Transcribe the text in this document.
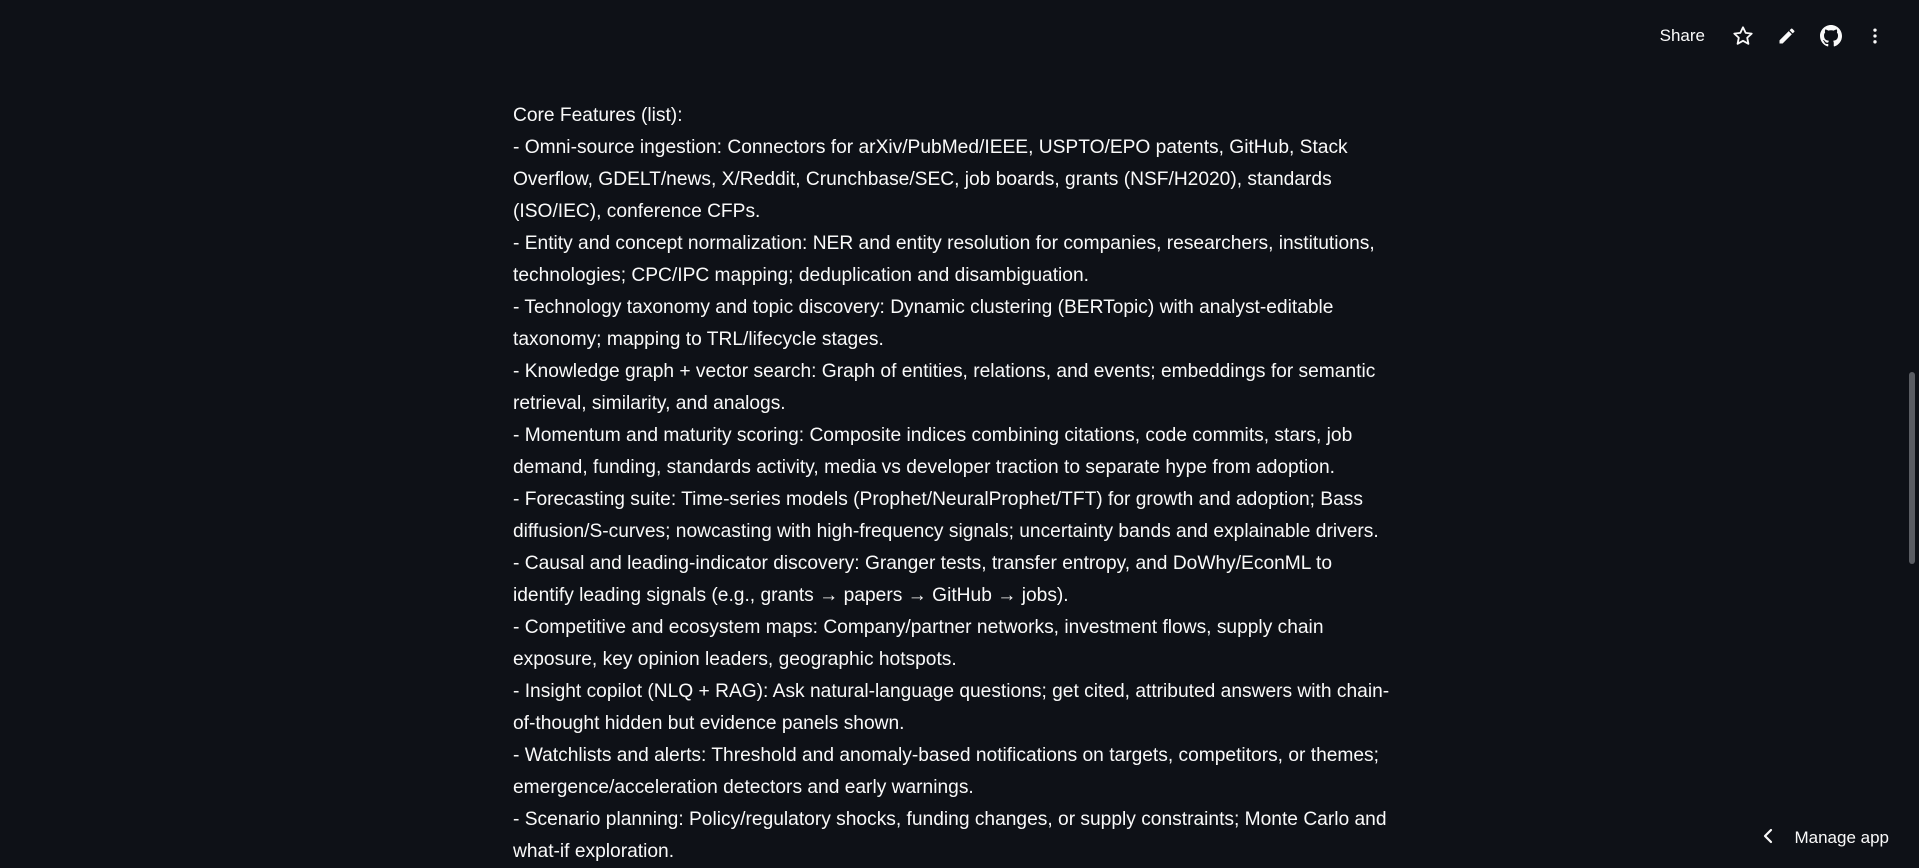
Share
Core Features (list):
- Omni-source ingestion: Connectors for arXiv/PubMed/IEEE, USPTO/EPO patents, GitHub, Stack Overflow, GDELT/news, X/Reddit, Crunchbase/SEC, job boards, grants (NSF/H2020), standards (ISO/IEC), conference CFPs.
- Entity and concept normalization: NER and entity resolution for companies, researchers, institutions, technologies; CPC/IPC mapping; deduplication and disambiguation.
- Technology taxonomy and topic discovery: Dynamic clustering (BERTopic) with analyst-editable taxonomy; mapping to TRL/lifecycle stages.
- Knowledge graph + vector search: Graph of entities, relations, and events; embeddings for semantic retrieval, similarity, and analogs.
- Momentum and maturity scoring: Composite indices combining citations, code commits, stars, job demand, funding, standards activity, media vs developer traction to separate hype from adoption.
- Forecasting suite: Time-series models (Prophet/NeuralProphet/TFT) for growth and adoption; Bass diffusion/S-curves; nowcasting with high-frequency signals; uncertainty bands and explainable drivers.
- Causal and leading-indicator discovery: Granger tests, transfer entropy, and DoWhy/EconML to identify leading signals (e.g., grants → papers → GitHub → jobs).
- Competitive and ecosystem maps: Company/partner networks, investment flows, supply chain exposure, key opinion leaders, geographic hotspots.
- Insight copilot (NLQ + RAG): Ask natural-language questions; get cited, attributed answers with chain-of-thought hidden but evidence panels shown.
- Watchlists and alerts: Threshold and anomaly-based notifications on targets, competitors, or themes; emergence/acceleration detectors and early warnings.
- Scenario planning: Policy/regulatory shocks, funding changes, or supply constraints; Monte Carlo and what-if exploration.
Manage app
